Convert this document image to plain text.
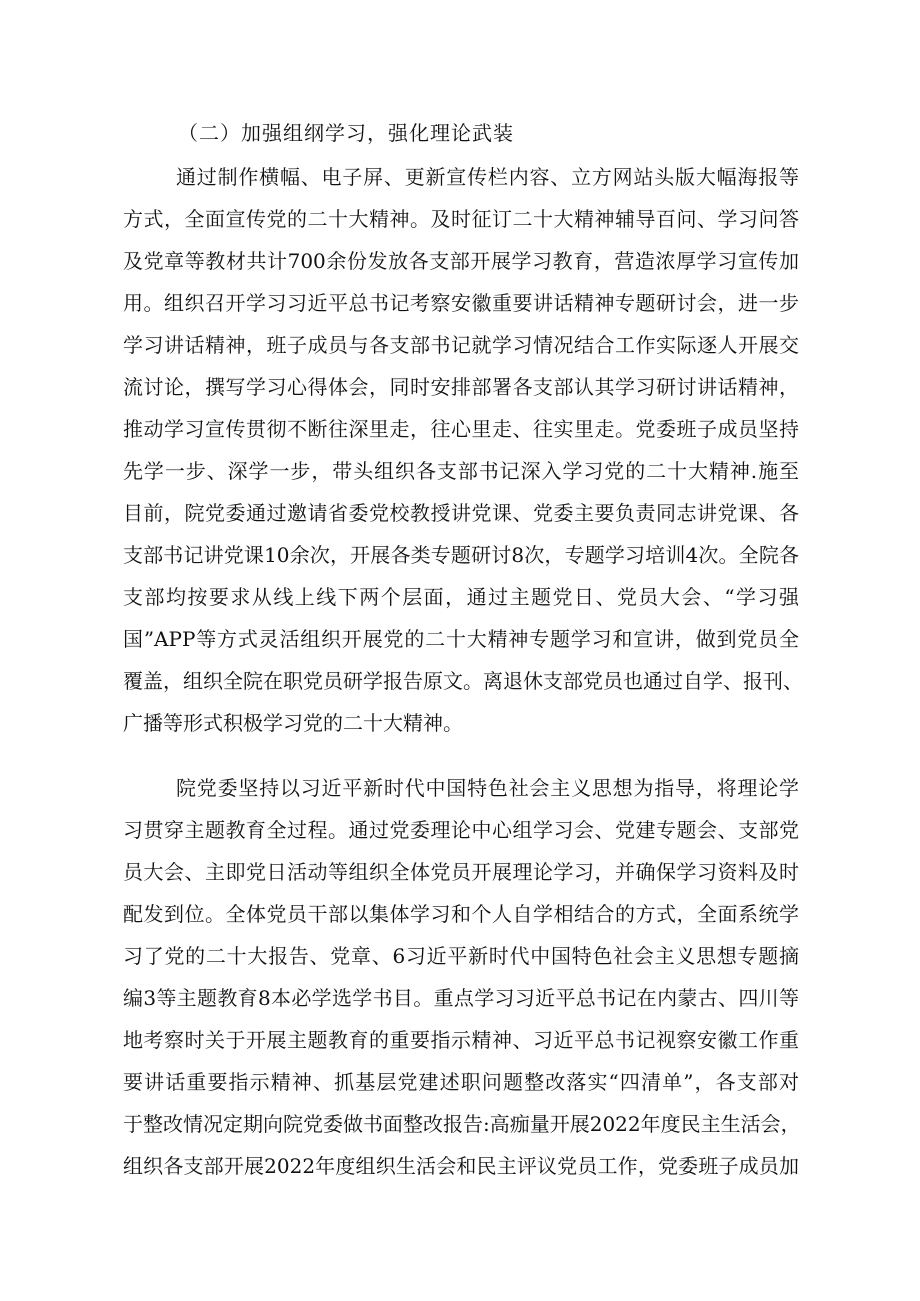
（二）加强组纲学习，强化理论武装
通过制作横幅、电子屏、更新宣传栏内容、立方网站头版大幅海报等
方式，全面宣传党的二十大精神。及时征订二十大精神辅导百问、学习问答
及党章等教材共计700余份发放各支部开展学习教育，营造浓厚学习宣传加
用。组织召开学习习近平总书记考察安徽重要讲话精神专题研讨会，进一步
学习讲话精神，班子成员与各支部书记就学习情况结合工作实际逐人开展交
流讨论，撰写学习心得体会，同时安排部署各支部认其学习研讨讲话精神，
推动学习宣传贯彻不断往深里走，往心里走、往实里走。党委班子成员坚持
先学一步、深学一步，带头组织各支部书记深入学习党的二十大精神.施至
目前，院党委通过邀请省委党校教授讲党课、党委主要负责同志讲党课、各
支部书记讲党课10余次，开展各类专题研讨8次，专题学习培训4次。全院各
支部均按要求从线上线下两个层面，通过主题党日、党员大会、“学习强
国”APP等方式灵活组织开展党的二十大精神专题学习和宣讲，做到党员全
覆盖，组织全院在职党员研学报告原文。离退休支部党员也通过自学、报刊、
广播等形式积极学习党的二十大精神。
院党委坚持以习近平新时代中国特色社会主义思想为指导，将理论学
习贯穿主题教育全过程。通过党委理论中心组学习会、党建专题会、支部党
员大会、主即党日活动等组织全体党员开展理论学习，并确保学习资料及时
配发到位。全体党员干部以集体学习和个人自学相结合的方式，全面系统学
习了党的二十大报告、党章、6习近平新时代中国特色社会主义思想专题摘
编3等主题教育8本必学选学书目。重点学习习近平总书记在内蒙古、四川等
地考察时关于开展主题教育的重要指示精神、习近平总书记视察安徽工作重
要讲话重要指示精神、抓基层党建述职问题整改落实“四清单”，各支部对
于整改情况定期向院党委做书面整改报告:高痂量开展2022年度民主生活会，
组织各支部开展2022年度组织生活会和民主评议党员工作，党委班子成员加
